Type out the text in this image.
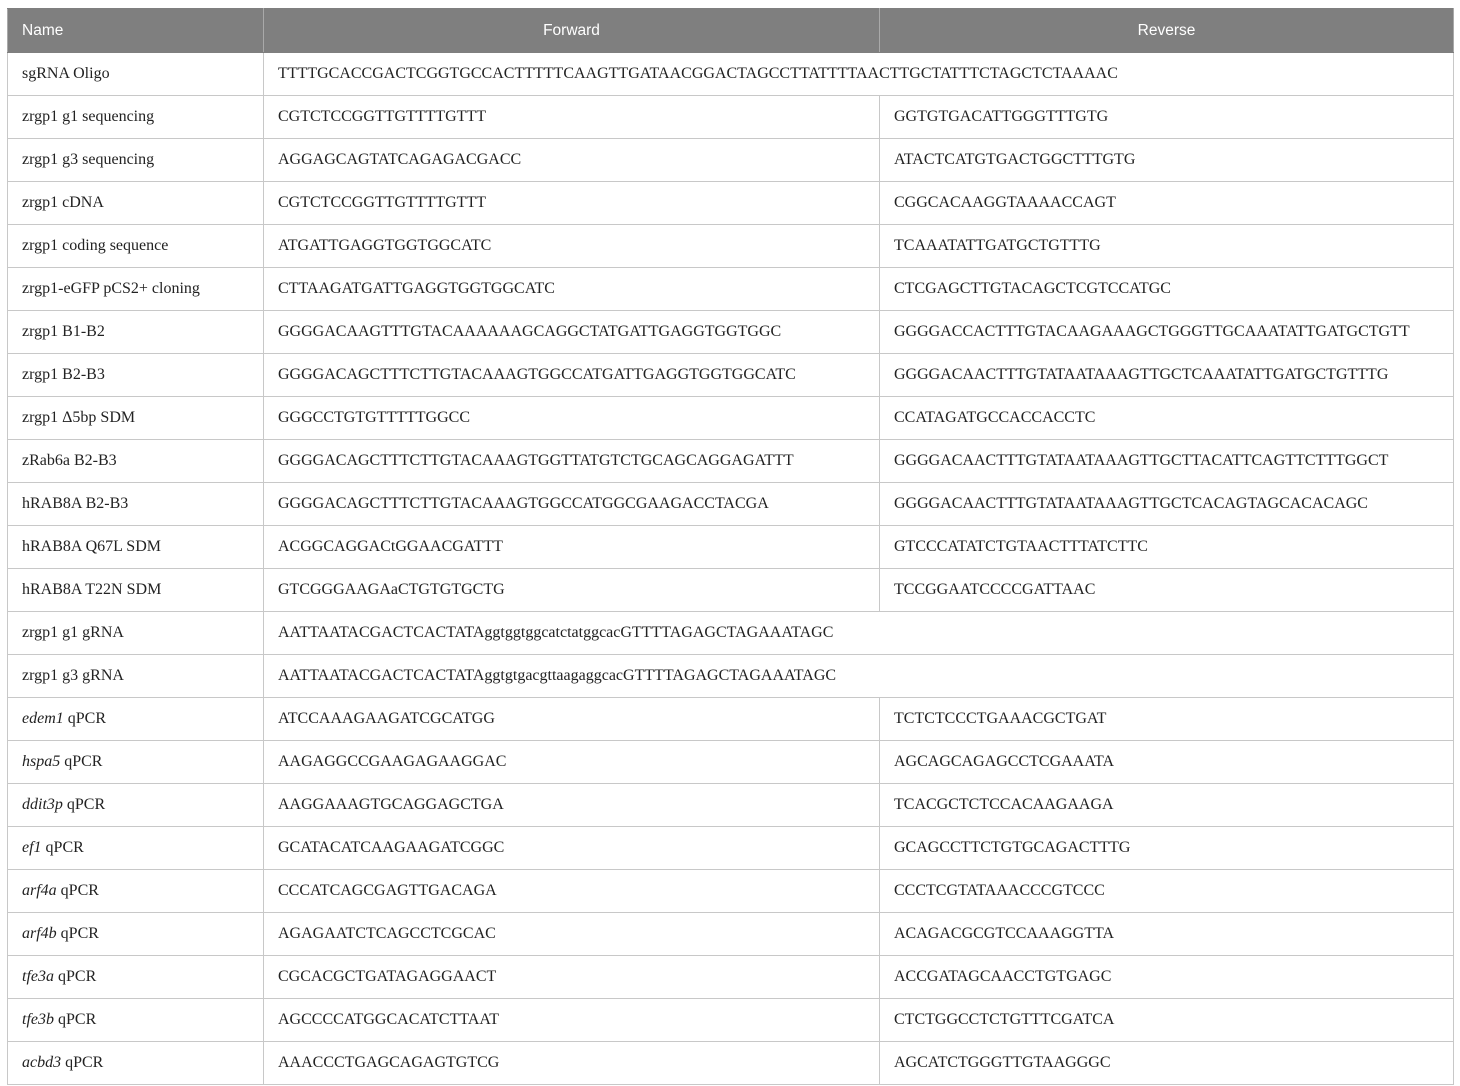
Name	Forward	Reverse
sgRNA Oligo	TTTTGCACCGACTCGGTGCCACTTTTTCAAGTTGATAACGGACTAGCCTTATTTTAACTTGCTATTTCTAGCTCTAAAAC	
zrgp1 g1 sequencing	CGTCTCCGGTTGTTTTGTTT	GGTGTGACATTGGGTTTGTG
zrgp1 g3 sequencing	AGGAGCAGTATCAGAGACGACC	ATACTCATGTGACTGGCTTTGTG
zrgp1 cDNA	CGTCTCCGGTTGTTTTGTTT	CGGCACAAGGTAAAACCAGT
zrgp1 coding sequence	ATGATTGAGGTGGTGGCATC	TCAAATATTGATGCTGTTTG
zrgp1-eGFP pCS2+ cloning	CTTAAGATGATTGAGGTGGTGGCATC	CTCGAGCTTGTACAGCTCGTCCATGC
zrgp1 B1-B2	GGGGACAAGTTTGTACAAAAAAGCAGGCTATGATTGAGGTGGTGGC	GGGGACCACTTTGTACAAGAAAGCTGGGTTGCAAATATTGATGCTGTT
zrgp1 B2-B3	GGGGACAGCTTTCTTGTACAAAGTGGCCATGATTGAGGTGGTGGCATC	GGGGACAACTTTGTATAATAAAGTTGCTCAAATATTGATGCTGTTTG
zrgp1 Δ5bp SDM	GGGCCTGTGTTTTTGGCC	CCATAGATGCCACCACCTC
zRab6a B2-B3	GGGGACAGCTTTCTTGTACAAAGTGGTTATGTCTGCAGCAGGAGATTT	GGGGACAACTTTGTATAATAAAGTTGCTTACATTCAGTTCTTTGGCT
hRAB8A B2-B3	GGGGACAGCTTTCTTGTACAAAGTGGCCATGGCGAAGACCTACGA	GGGGACAACTTTGTATAATAAAGTTGCTCACAGTAGCACACAGC
hRAB8A Q67L SDM	ACGGCAGGACtGGAACGATTT	GTCCCATATCTGTAACTTTATCTTC
hRAB8A T22N SDM	GTCGGGAAGAaCTGTGTGCTG	TCCGGAATCCCCGATTAAC
zrgp1 g1 gRNA	AATTAATACGACTCACTATAggtggtggcatctatggcacGTTTTAGAGCTAGAAATAGC	
zrgp1 g3 gRNA	AATTAATACGACTCACTATAggtgtgacgttaagaggcacGTTTTAGAGCTAGAAATAGC	
edem1 qPCR	ATCCAAAGAAGATCGCATGG	TCTCTCCCTGAAACGCTGAT
hspa5 qPCR	AAGAGGCCGAAGAGAAGGAC	AGCAGCAGAGCCTCGAAATA
ddit3p qPCR	AAGGAAAGTGCAGGAGCTGA	TCACGCTCTCCACAAGAAGA
ef1 qPCR	GCATACATCAAGAAGATCGGC	GCAGCCTTCTGTGCAGACTTTG
arf4a qPCR	CCCATCAGCGAGTTGACAGA	CCCTCGTATAAACCCGTCCC
arf4b qPCR	AGAGAATCTCAGCCTCGCAC	ACAGACGCGTCCAAAGGTTA
tfe3a qPCR	CGCACGCTGATAGAGGAACT	ACCGATAGCAACCTGTGAGC
tfe3b qPCR	AGCCCCATGGCACATCTTAAT	CTCTGGCCTCTGTTTCGATCA
acbd3 qPCR	AAACCCTGAGCAGAGTGTCG	AGCATCTGGGTTGTAAGGGC
